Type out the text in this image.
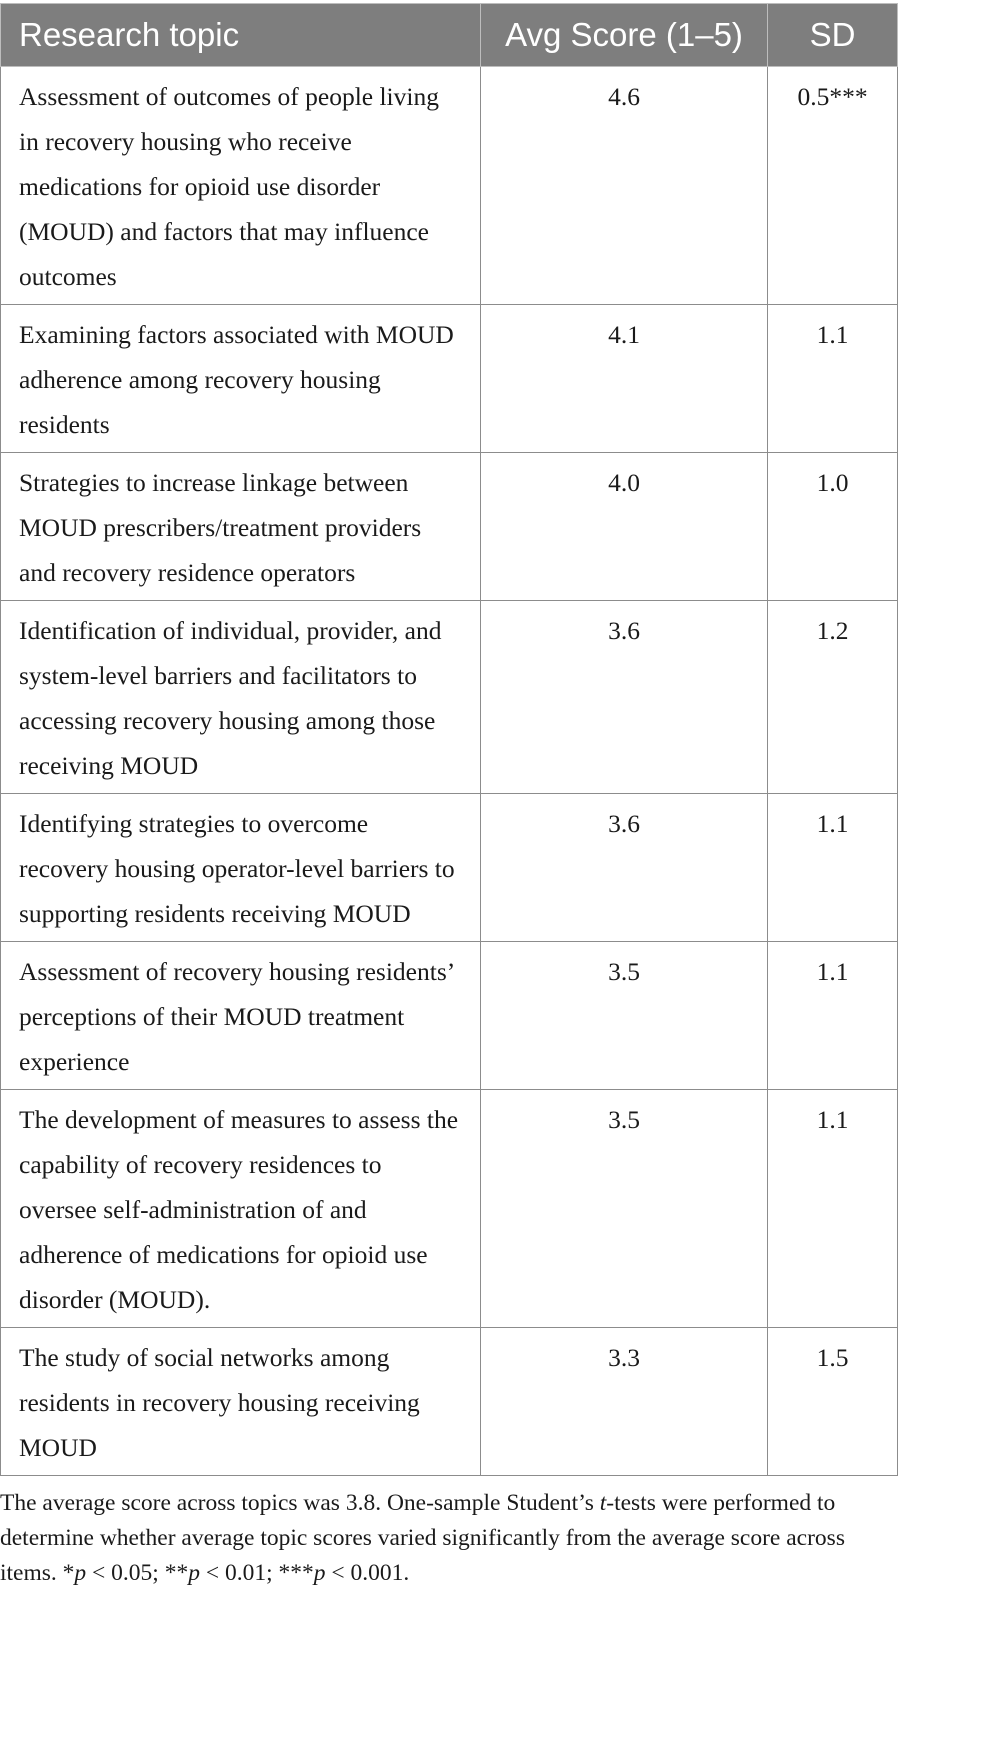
Research topic	Avg Score (1–5)	SD
Assessment of outcomes of people living in recovery housing who receive medications for opioid use disorder (MOUD) and factors that may influence outcomes	4.6	0.5***
Examining factors associated with MOUD adherence among recovery housing residents	4.1	1.1
Strategies to increase linkage between MOUD prescribers/treatment providers and recovery residence operators	4.0	1.0
Identification of individual, provider, and system-level barriers and facilitators to accessing recovery housing among those receiving MOUD	3.6	1.2
Identifying strategies to overcome recovery housing operator-level barriers to supporting residents receiving MOUD	3.6	1.1
Assessment of recovery housing residents’ perceptions of their MOUD treatment experience	3.5	1.1
The development of measures to assess the capability of recovery residences to oversee self-administration of and adherence of medications for opioid use disorder (MOUD).	3.5	1.1
The study of social networks among residents in recovery housing receiving MOUD	3.3	1.5
The average score across topics was 3.8. One-sample Student’s t-tests were performed to determine whether average topic scores varied significantly from the average score across items. *p < 0.05; **p < 0.01; ***p < 0.001.
